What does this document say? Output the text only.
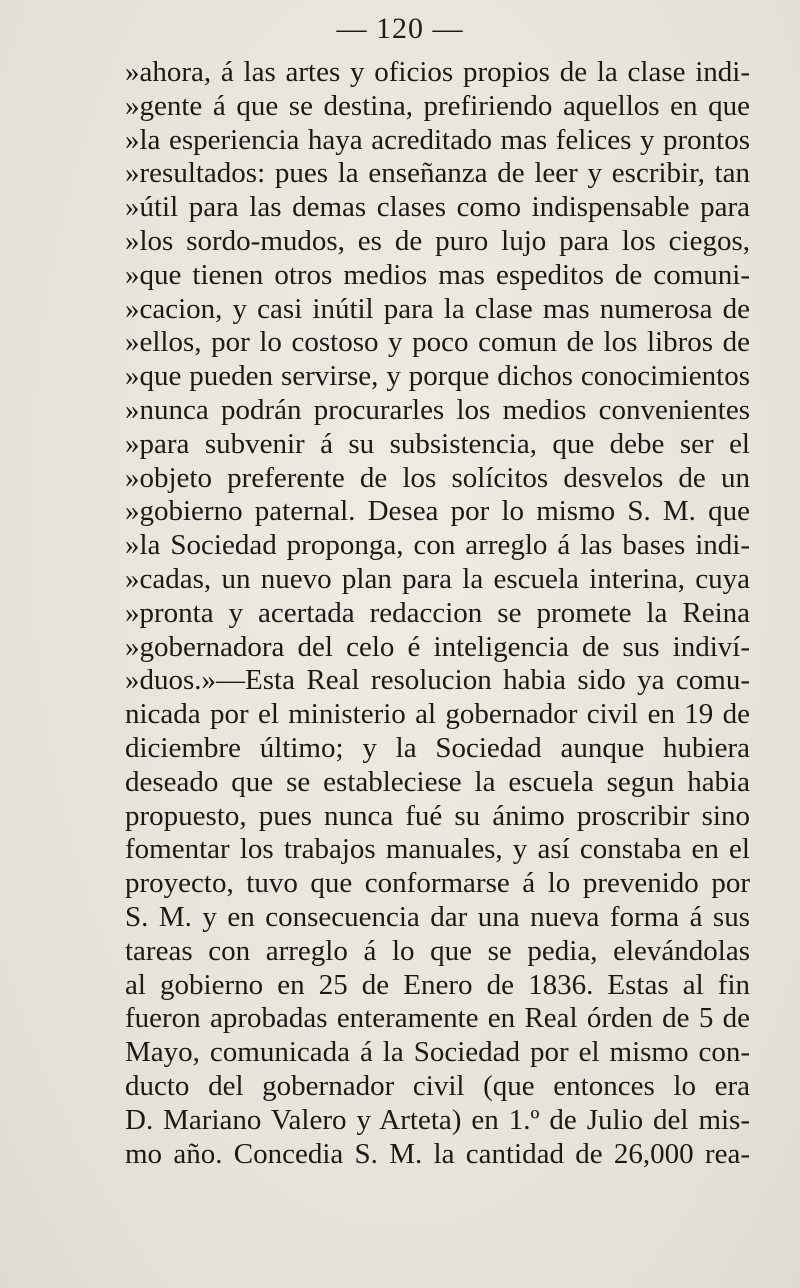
— 120 —
»ahora, á las artes y oficios propios de la clase indi-
»gente á que se destina, prefiriendo aquellos en que
»la esperiencia haya acreditado mas felices y prontos
»resultados: pues la enseñanza de leer y escribir, tan
»útil para las demas clases como indispensable para
»los sordo-mudos, es de puro lujo para los ciegos,
»que tienen otros medios mas espeditos de comuni-
»cacion, y casi inútil para la clase mas numerosa de
»ellos, por lo costoso y poco comun de los libros de
»que pueden servirse, y porque dichos conocimientos
»nunca podrán procurarles los medios convenientes
»para subvenir á su subsistencia, que debe ser el
»objeto preferente de los solícitos desvelos de un
»gobierno paternal. Desea por lo mismo S. M. que
»la Sociedad proponga, con arreglo á las bases indi-
»cadas, un nuevo plan para la escuela interina, cuya
»pronta y acertada redaccion se promete la Reina
»gobernadora del celo é inteligencia de sus indiví-
»duos.»—Esta Real resolucion habia sido ya comu-
nicada por el ministerio al gobernador civil en 19 de
diciembre último; y la Sociedad aunque hubiera
deseado que se estableciese la escuela segun habia
propuesto, pues nunca fué su ánimo proscribir sino
fomentar los trabajos manuales, y así constaba en el
proyecto, tuvo que conformarse á lo prevenido por
S. M. y en consecuencia dar una nueva forma á sus
tareas con arreglo á lo que se pedia, elevándolas
al gobierno en 25 de Enero de 1836. Estas al fin
fueron aprobadas enteramente en Real órden de 5 de
Mayo, comunicada á la Sociedad por el mismo con-
ducto del gobernador civil (que entonces lo era
D. Mariano Valero y Arteta) en 1.º de Julio del mis-
mo año. Concedia S. M. la cantidad de 26,000 rea-
